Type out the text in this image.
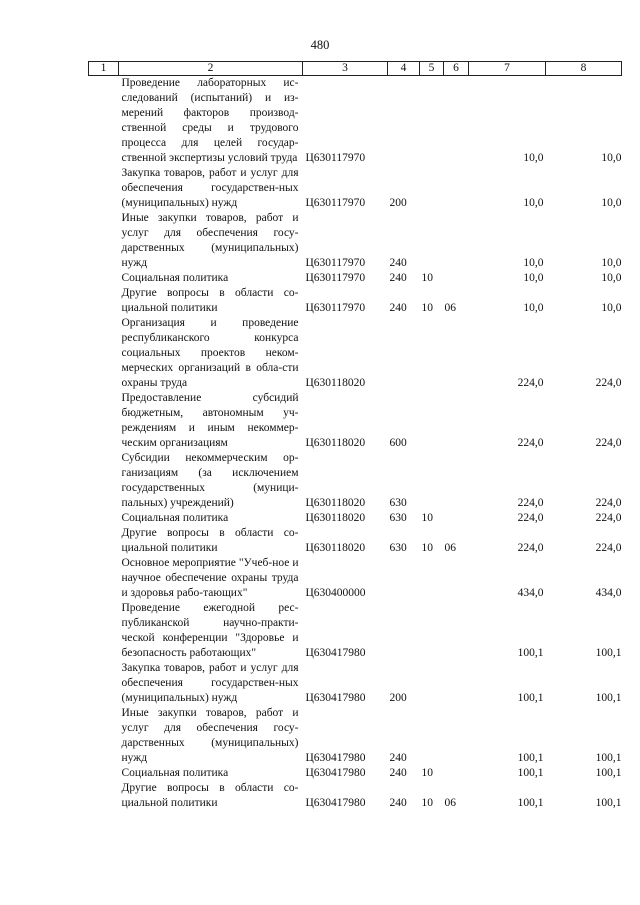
480
1	2	3	4	5	6	7	8
	Проведение лабораторных ис-следований (испытаний) и из-мерений факторов производ-ственной среды и трудового процесса для целей государ-ственной экспертизы условий труда	Ц630117970				10,0	10,0
	Закупка товаров, работ и услуг для обеспечения государствен-ных (муниципальных) нужд	Ц630117970	200			10,0	10,0
	Иные закупки товаров, работ и услуг для обеспечения госу-дарственных (муниципальных) нужд	Ц630117970	240			10,0	10,0
	Социальная политика	Ц630117970	240	10		10,0	10,0
	Другие вопросы в области со-циальной политики	Ц630117970	240	10	06	10,0	10,0
	Организация и проведение республиканского конкурса социальных проектов неком-мерческих организаций в обла-сти охраны труда	Ц630118020				224,0	224,0
	Предоставление субсидий бюджетным, автономным уч-реждениям и иным некоммер-ческим организациям	Ц630118020	600			224,0	224,0
	Субсидии некоммерческим ор-ганизациям (за исключением государственных (муници-пальных) учреждений)	Ц630118020	630			224,0	224,0
	Социальная политика	Ц630118020	630	10		224,0	224,0
	Другие вопросы в области со-циальной политики	Ц630118020	630	10	06	224,0	224,0
	Основное мероприятие "Учеб-ное и научное обеспечение охраны труда и здоровья рабо-тающих"	Ц630400000				434,0	434,0
	Проведение ежегодной рес-публиканской научно-практи-ческой конференции "Здоровье и безопасность работающих"	Ц630417980				100,1	100,1
	Закупка товаров, работ и услуг для обеспечения государствен-ных (муниципальных) нужд	Ц630417980	200			100,1	100,1
	Иные закупки товаров, работ и услуг для обеспечения госу-дарственных (муниципальных) нужд	Ц630417980	240			100,1	100,1
	Социальная политика	Ц630417980	240	10		100,1	100,1
	Другие вопросы в области со-циальной политики	Ц630417980	240	10	06	100,1	100,1
